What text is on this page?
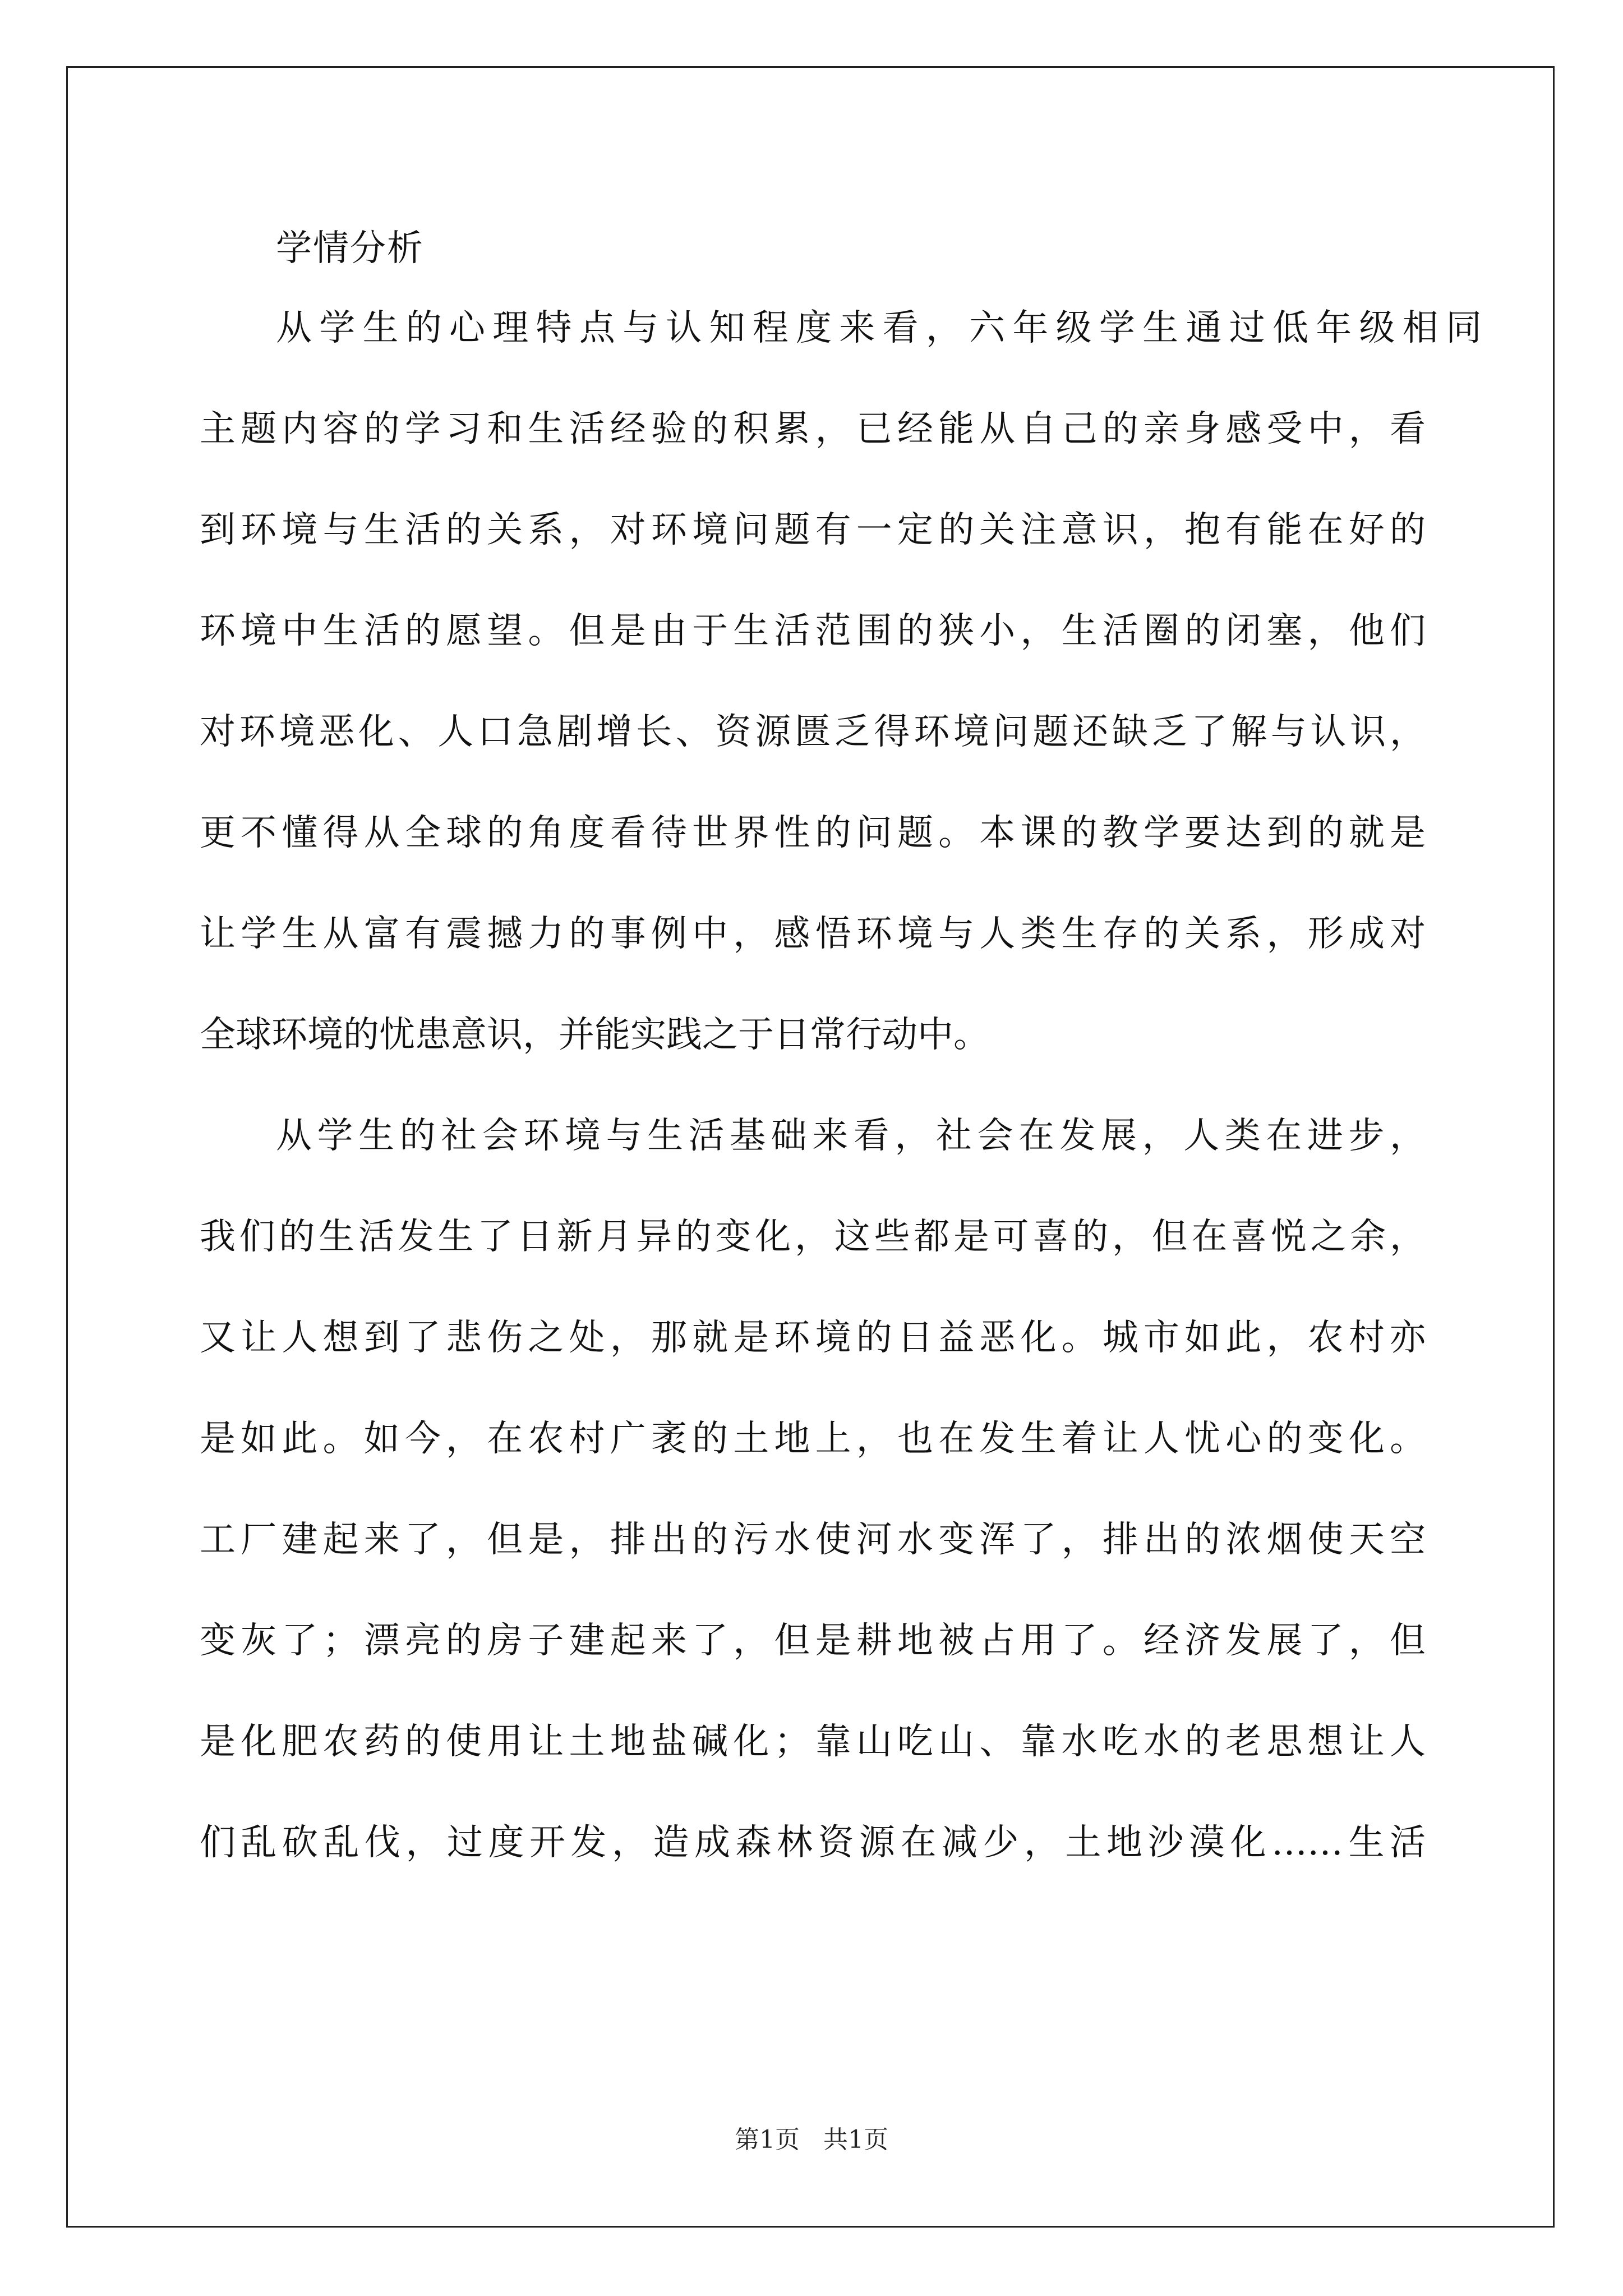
学情分析
从学生的心理特点与认知程度来看，六年级学生通过低年级相同
主题内容的学习和生活经验的积累，已经能从自己的亲身感受中，看
到环境与生活的关系，对环境问题有一定的关注意识，抱有能在好的
环境中生活的愿望。但是由于生活范围的狭小，生活圈的闭塞，他们
对环境恶化、人口急剧增长、资源匮乏得环境问题还缺乏了解与认识，
更不懂得从全球的角度看待世界性的问题。本课的教学要达到的就是
让学生从富有震撼力的事例中，感悟环境与人类生存的关系，形成对
全球环境的忧患意识，并能实践之于日常行动中。
从学生的社会环境与生活基础来看，社会在发展，人类在进步，
我们的生活发生了日新月异的变化，这些都是可喜的，但在喜悦之余，
又让人想到了悲伤之处，那就是环境的日益恶化。城市如此，农村亦
是如此。如今，在农村广袤的土地上，也在发生着让人忧心的变化。
工厂建起来了，但是，排出的污水使河水变浑了，排出的浓烟使天空
变灰了；漂亮的房子建起来了，但是耕地被占用了。经济发展了，但
是化肥农药的使用让土地盐碱化；靠山吃山、靠水吃水的老思想让人
们乱砍乱伐，过度开发，造成森林资源在减少，土地沙漠化……生活
第1页   共1页
